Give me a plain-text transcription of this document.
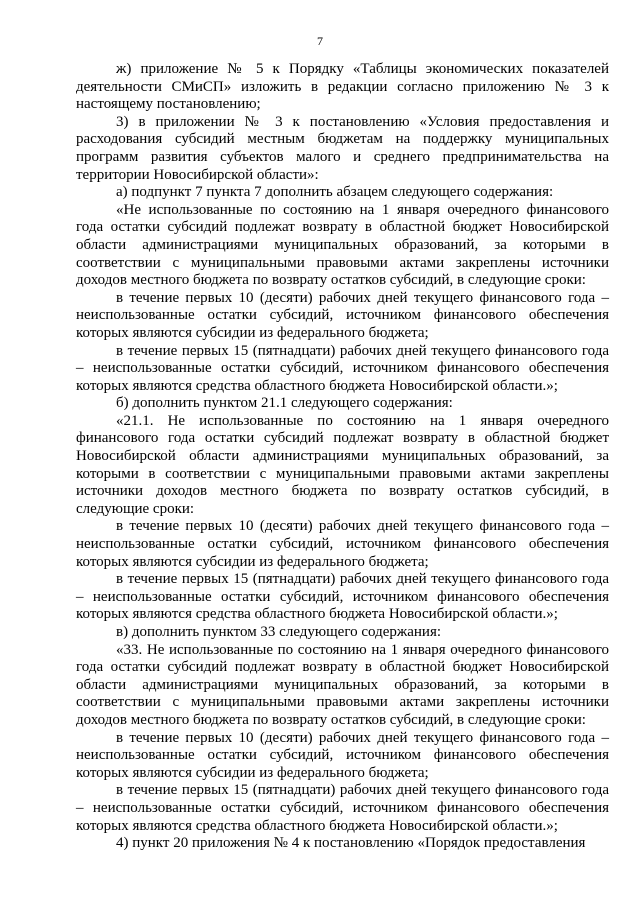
7

ж) приложение № 5 к Порядку «Таблицы экономических показателей деятельности СМиСП» изложить в редакции согласно приложению № 3 к настоящему постановлению;

3) в приложении № 3 к постановлению «Условия предоставления и расходования субсидий местным бюджетам на поддержку муниципальных программ развития субъектов малого и среднего предпринимательства на территории Новосибирской области»:

а) подпункт 7 пункта 7 дополнить абзацем следующего содержания:

«Не использованные по состоянию на 1 января очередного финансового года остатки субсидий подлежат возврату в областной бюджет Новосибирской области администрациями муниципальных образований, за которыми в соответствии с муниципальными правовыми актами закреплены источники доходов местного бюджета по возврату остатков субсидий, в следующие сроки:

в течение первых 10 (десяти) рабочих дней текущего финансового года – неиспользованные остатки субсидий, источником финансового обеспечения которых являются субсидии из федерального бюджета;

в течение первых 15 (пятнадцати) рабочих дней текущего финансового года – неиспользованные остатки субсидий, источником финансового обеспечения которых являются средства областного бюджета Новосибирской области.»;

б) дополнить пунктом 21.1 следующего содержания:

«21.1. Не использованные по состоянию на 1 января очередного финансового года остатки субсидий подлежат возврату в областной бюджет Новосибирской области администрациями муниципальных образований, за которыми в соответствии с муниципальными правовыми актами закреплены источники доходов местного бюджета по возврату остатков субсидий, в следующие сроки:

в течение первых 10 (десяти) рабочих дней текущего финансового года – неиспользованные остатки субсидий, источником финансового обеспечения которых являются субсидии из федерального бюджета;

в течение первых 15 (пятнадцати) рабочих дней текущего финансового года – неиспользованные остатки субсидий, источником финансового обеспечения которых являются средства областного бюджета Новосибирской области.»;

в) дополнить пунктом 33 следующего содержания:

«33. Не использованные по состоянию на 1 января очередного финансового года остатки субсидий подлежат возврату в областной бюджет Новосибирской области администрациями муниципальных образований, за которыми в соответствии с муниципальными правовыми актами закреплены источники доходов местного бюджета по возврату остатков субсидий, в следующие сроки:

в течение первых 10 (десяти) рабочих дней текущего финансового года – неиспользованные остатки субсидий, источником финансового обеспечения которых являются субсидии из федерального бюджета;

в течение первых 15 (пятнадцати) рабочих дней текущего финансового года – неиспользованные остатки субсидий, источником финансового обеспечения которых являются средства областного бюджета Новосибирской области.»;

4) пункт 20 приложения № 4 к постановлению «Порядок предоставления
